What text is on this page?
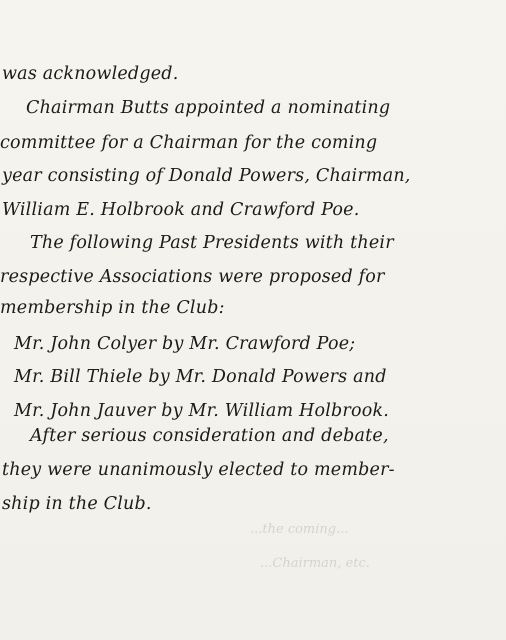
was acknowledged.
Chairman Butts appointed a nominating
committee for a Chairman for the coming
year consisting of Donald Powers, Chairman,
William E. Holbrook and Crawford Poe.
The following Past Presidents with their
respective Associations were proposed for
membership in the Club:
Mr. John Colyer by Mr. Crawford Poe;
Mr. Bill Thiele by Mr. Donald Powers and
Mr. John Jauver by Mr. William Holbrook.
After serious consideration and debate,
they were unanimously elected to member-
ship in the Club.
...the coming...
...Chairman, etc.
